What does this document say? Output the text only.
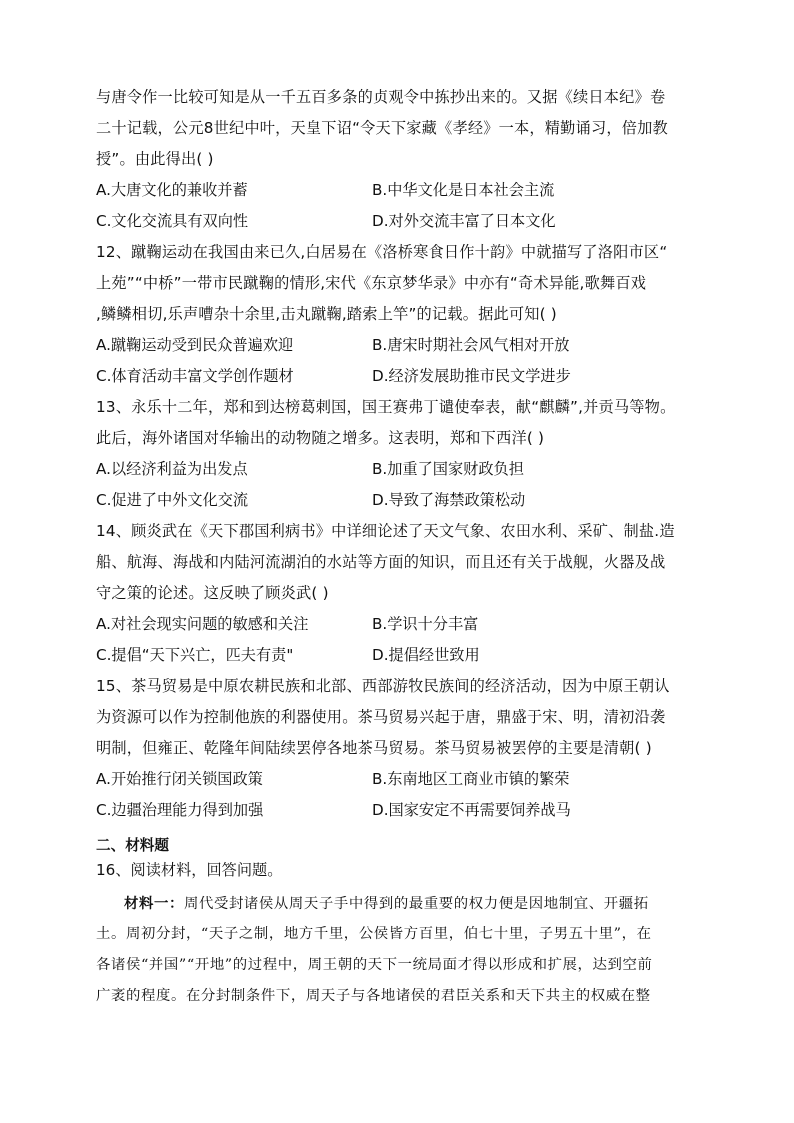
与唐令作一比较可知是从一千五百多条的贞观令中拣抄出来的。又据《续日本纪》卷
二十记载，公元8世纪中叶，天皇下诏“令天下家藏《孝经》一本，精勤诵习，倍加教
授”。由此得出( )
A.大唐文化的兼收并蓄	B.中华文化是日本社会主流
C.文化交流具有双向性	D.对外交流丰富了日本文化
12、蹴鞠运动在我国由来已久,白居易在《洛桥寒食日作十韵》中就描写了洛阳市区“
上苑”“中桥”一带市民蹴鞠的情形,宋代《东京梦华录》中亦有“奇术异能,歌舞百戏
,鳞鳞相切,乐声嘈杂十余里,击丸蹴鞠,踏索上竿”的记载。据此可知( )
A.蹴鞠运动受到民众普遍欢迎	B.唐宋时期社会风气相对开放
C.体育活动丰富文学创作题材	D.经济发展助推市民文学进步
13、永乐十二年，郑和到达榜葛剌国，国王赛弗丁谴使奉表，献“麒麟”,并贡马等物。
此后，海外诸国对华输出的动物随之增多。这表明，郑和下西洋( )
A.以经济利益为出发点	B.加重了国家财政负担
C.促进了中外文化交流	D.导致了海禁政策松动
14、顾炎武在《天下郡国利病书》中详细论述了天文气象、农田水利、采矿、制盐.造
船、航海、海战和内陆河流湖泊的水站等方面的知识，而且还有关于战舰，火器及战
守之策的论述。这反映了顾炎武( )
A.对社会现实问题的敏感和关注	B.学识十分丰富
C.提倡“天下兴亡，匹夫有责"	D.提倡经世致用
15、茶马贸易是中原农耕民族和北部、西部游牧民族间的经济活动，因为中原王朝认
为资源可以作为控制他族的利器使用。茶马贸易兴起于唐，鼎盛于宋、明，清初沿袭
明制，但雍正、乾隆年间陆续罢停各地茶马贸易。茶马贸易被罢停的主要是清朝( )
A.开始推行闭关锁国政策	B.东南地区工商业市镇的繁荣
C.边疆治理能力得到加强	D.国家安定不再需要饲养战马
二、材料题
16、阅读材料，回答问题。
材料一：周代受封诸侯从周天子手中得到的最重要的权力便是因地制宜、开疆拓
土。周初分封，“天子之制，地方千里，公侯皆方百里，伯七十里，子男五十里”，在
各诸侯“并国”“开地”的过程中，周王朝的天下一统局面才得以形成和扩展，达到空前
广袤的程度。在分封制条件下，周天子与各地诸侯的君臣关系和天下共主的权威在整
